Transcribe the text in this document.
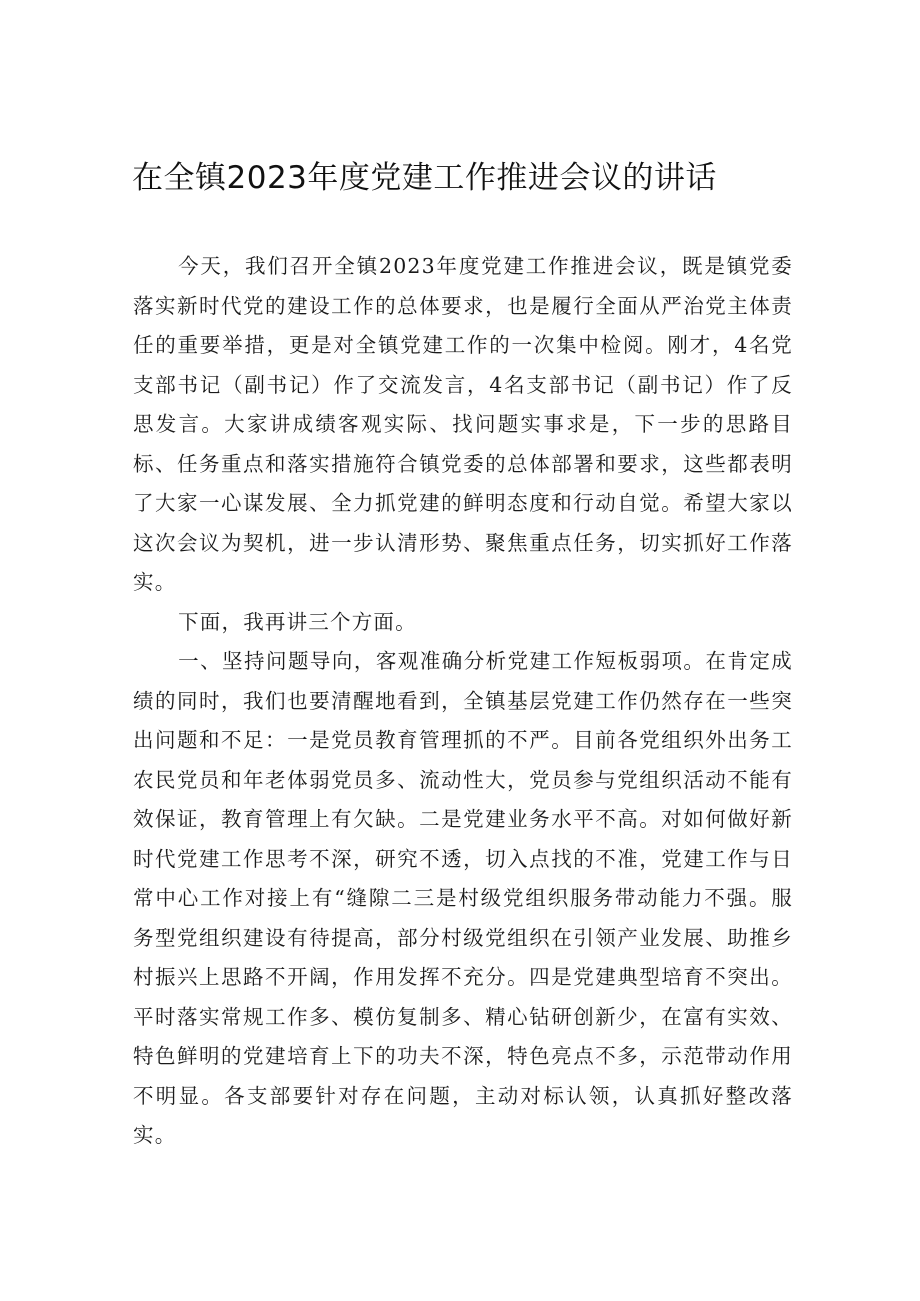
在全镇2023年度党建工作推进会议的讲话

今天，我们召开全镇2023年度党建工作推进会议，既是镇党委落实新时代党的建设工作的总体要求，也是履行全面从严治党主体责任的重要举措，更是对全镇党建工作的一次集中检阅。刚才，4名党支部书记（副书记）作了交流发言，4名支部书记（副书记）作了反思发言。大家讲成绩客观实际、找问题实事求是，下一步的思路目标、任务重点和落实措施符合镇党委的总体部署和要求，这些都表明了大家一心谋发展、全力抓党建的鲜明态度和行动自觉。希望大家以这次会议为契机，进一步认清形势、聚焦重点任务，切实抓好工作落实。

下面，我再讲三个方面。

一、坚持问题导向，客观准确分析党建工作短板弱项。在肯定成绩的同时，我们也要清醒地看到，全镇基层党建工作仍然存在一些突出问题和不足：一是党员教育管理抓的不严。目前各党组织外出务工农民党员和年老体弱党员多、流动性大，党员参与党组织活动不能有效保证，教育管理上有欠缺。二是党建业务水平不高。对如何做好新时代党建工作思考不深，研究不透，切入点找的不准，党建工作与日常中心工作对接上有“缝隙二三是村级党组织服务带动能力不强。服务型党组织建设有待提高，部分村级党组织在引领产业发展、助推乡村振兴上思路不开阔，作用发挥不充分。四是党建典型培育不突出。平时落实常规工作多、模仿复制多、精心钻研创新少，在富有实效、特色鲜明的党建培育上下的功夫不深，特色亮点不多，示范带动作用不明显。各支部要针对存在问题，主动对标认领，认真抓好整改落实。
